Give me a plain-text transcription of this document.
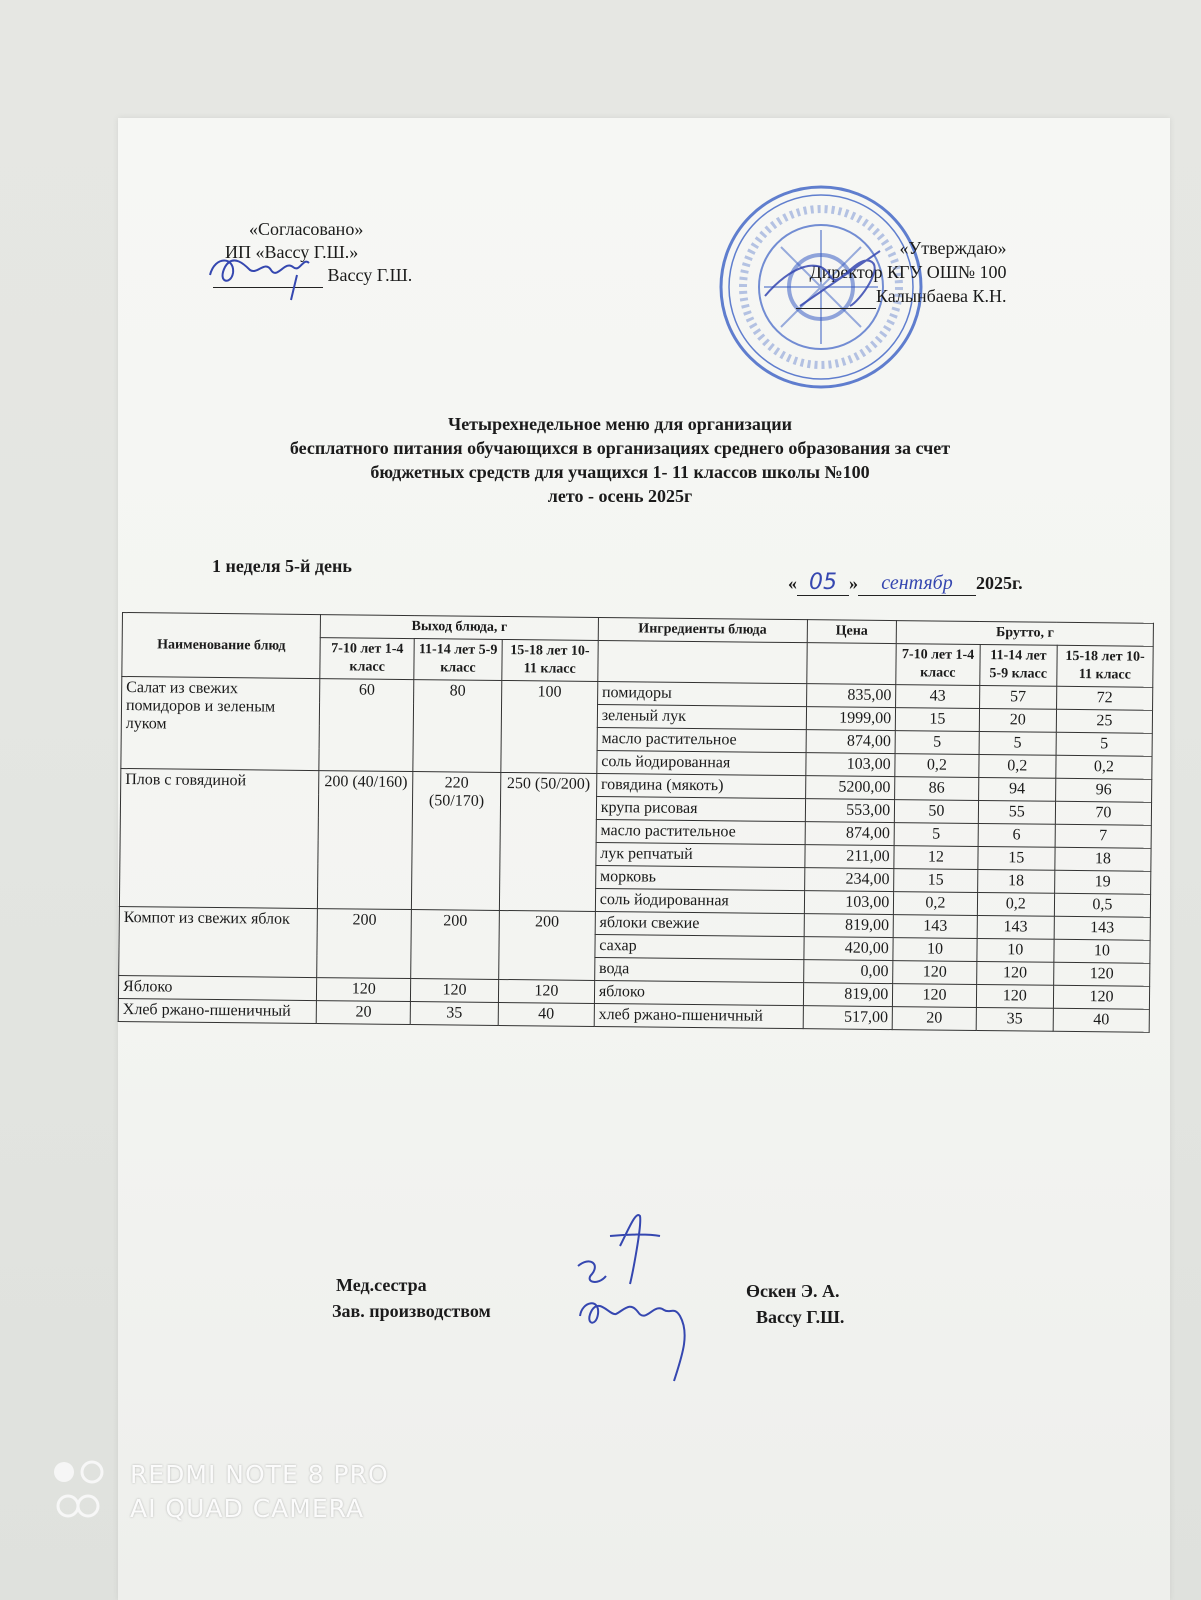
«Согласовано»
ИП «Вассу Г.Ш.»
Вассу Г.Ш.
«Утверждаю»
Директор КГУ ОШ№ 100
Калынбаева К.Н.
Четырехнедельное меню для организации
бесплатного питания обучающихся в организациях среднего образования за счет
бюджетных средств для учащихся 1- 11 классов школы №100
лето - осень 2025г
1 неделя 5-й день
« 05 » сентябр 2025г.
Наименование блюд	Выход блюда, г			Ингредиенты блюда	Цена	Брутто, г		
	7-10 лет 1-4 класс	11-14 лет 5-9 класс	15-18 лет 10-11 класс			7-10 лет 1-4 класс	11-14 лет 5-9 класс	15-18 лет 10-11 класс
Салат из свежих помидоров и зеленым луком	60	80	100	помидоры	835,00	43	57	72
				зеленый лук	1999,00	15	20	25
				масло растительное	874,00	5	5	5
				соль йодированная	103,00	0,2	0,2	0,2
Плов с говядиной	200 (40/160)	220 (50/170)	250 (50/200)	говядина (мякоть)	5200,00	86	94	96
				крупа рисовая	553,00	50	55	70
				масло растительное	874,00	5	6	7
				лук репчатый	211,00	12	15	18
				морковь	234,00	15	18	19
				соль йодированная	103,00	0,2	0,2	0,5
Компот из свежих яблок	200	200	200	яблоки свежие	819,00	143	143	143
				сахар	420,00	10	10	10
				вода	0,00	120	120	120
Яблоко	120	120	120	яблоко	819,00	120	120	120
Хлеб ржано-пшеничный	20	35	40	хлеб ржано-пшеничный	517,00	20	35	40
Мед.сестра
Зав. производством
Өскен Э. А.
Вассу Г.Ш.
REDMI NOTE 8 PRO
AI QUAD CAMERA
